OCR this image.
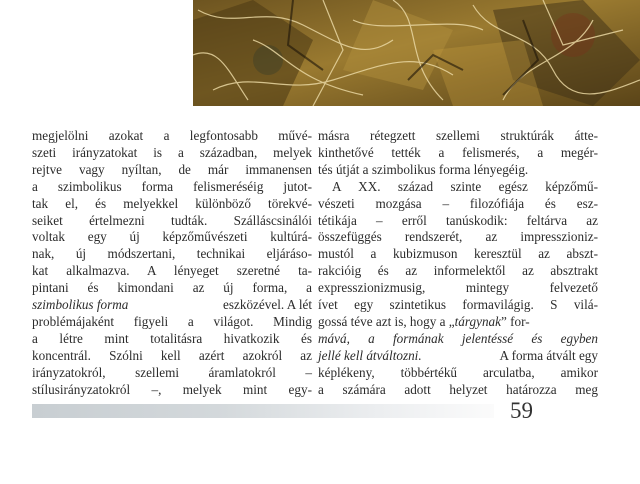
megjelölni azokat a legfontosabb művé-
szeti irányzatokat is a században, melyek
rejtve vagy nyíltan, de már immanensen
a szimbolikus forma felismeréséig jutot-
tak el, és melyekkel különböző törekvé-
seiket értelmezni tudták. Szálláscsinálói
voltak egy új képzőművészeti kultúrá-
nak, új módszertani, technikai eljáráso-
kat alkalmazva. A lényeget szeretné ta-
pintani és kimondani az új forma, a
szimbolikus forma	eszközével. A lét
problémájaként figyeli a világot. Mindig
a létre mint totalitásra hivatkozik és
koncentrál. Szólni kell azért azokról az
irányzatokról, szellemi áramlatokról –
stílusirányzatokról –, melyek mint egy-

másra rétegzett szellemi struktúrák átte-
kinthetővé tették a felismerés, a megér-
tés útját a szimbolikus forma lényegéig.

A XX. század szinte egész képzőmű-
vészeti mozgása – filozófiája és esz-
tétikája – erről tanúskodik: feltárva az
összefüggés rendszerét, az impresszioniz-
mustól a kubizmuson keresztül az abszt-
rakcióig és az informelektől az absztrakt
expresszionizmusig, mintegy felvezető
ívet egy szintetikus formavilágig. S vilá-
gossá téve azt is, hogy a „tárgynak” for-
mává, a formának jelentéssé és egyben
jellé kell átváltozni.	A forma átvált egy
képlékeny, többértékű arculatba, amikor
a számára adott helyzet határozza meg

59
